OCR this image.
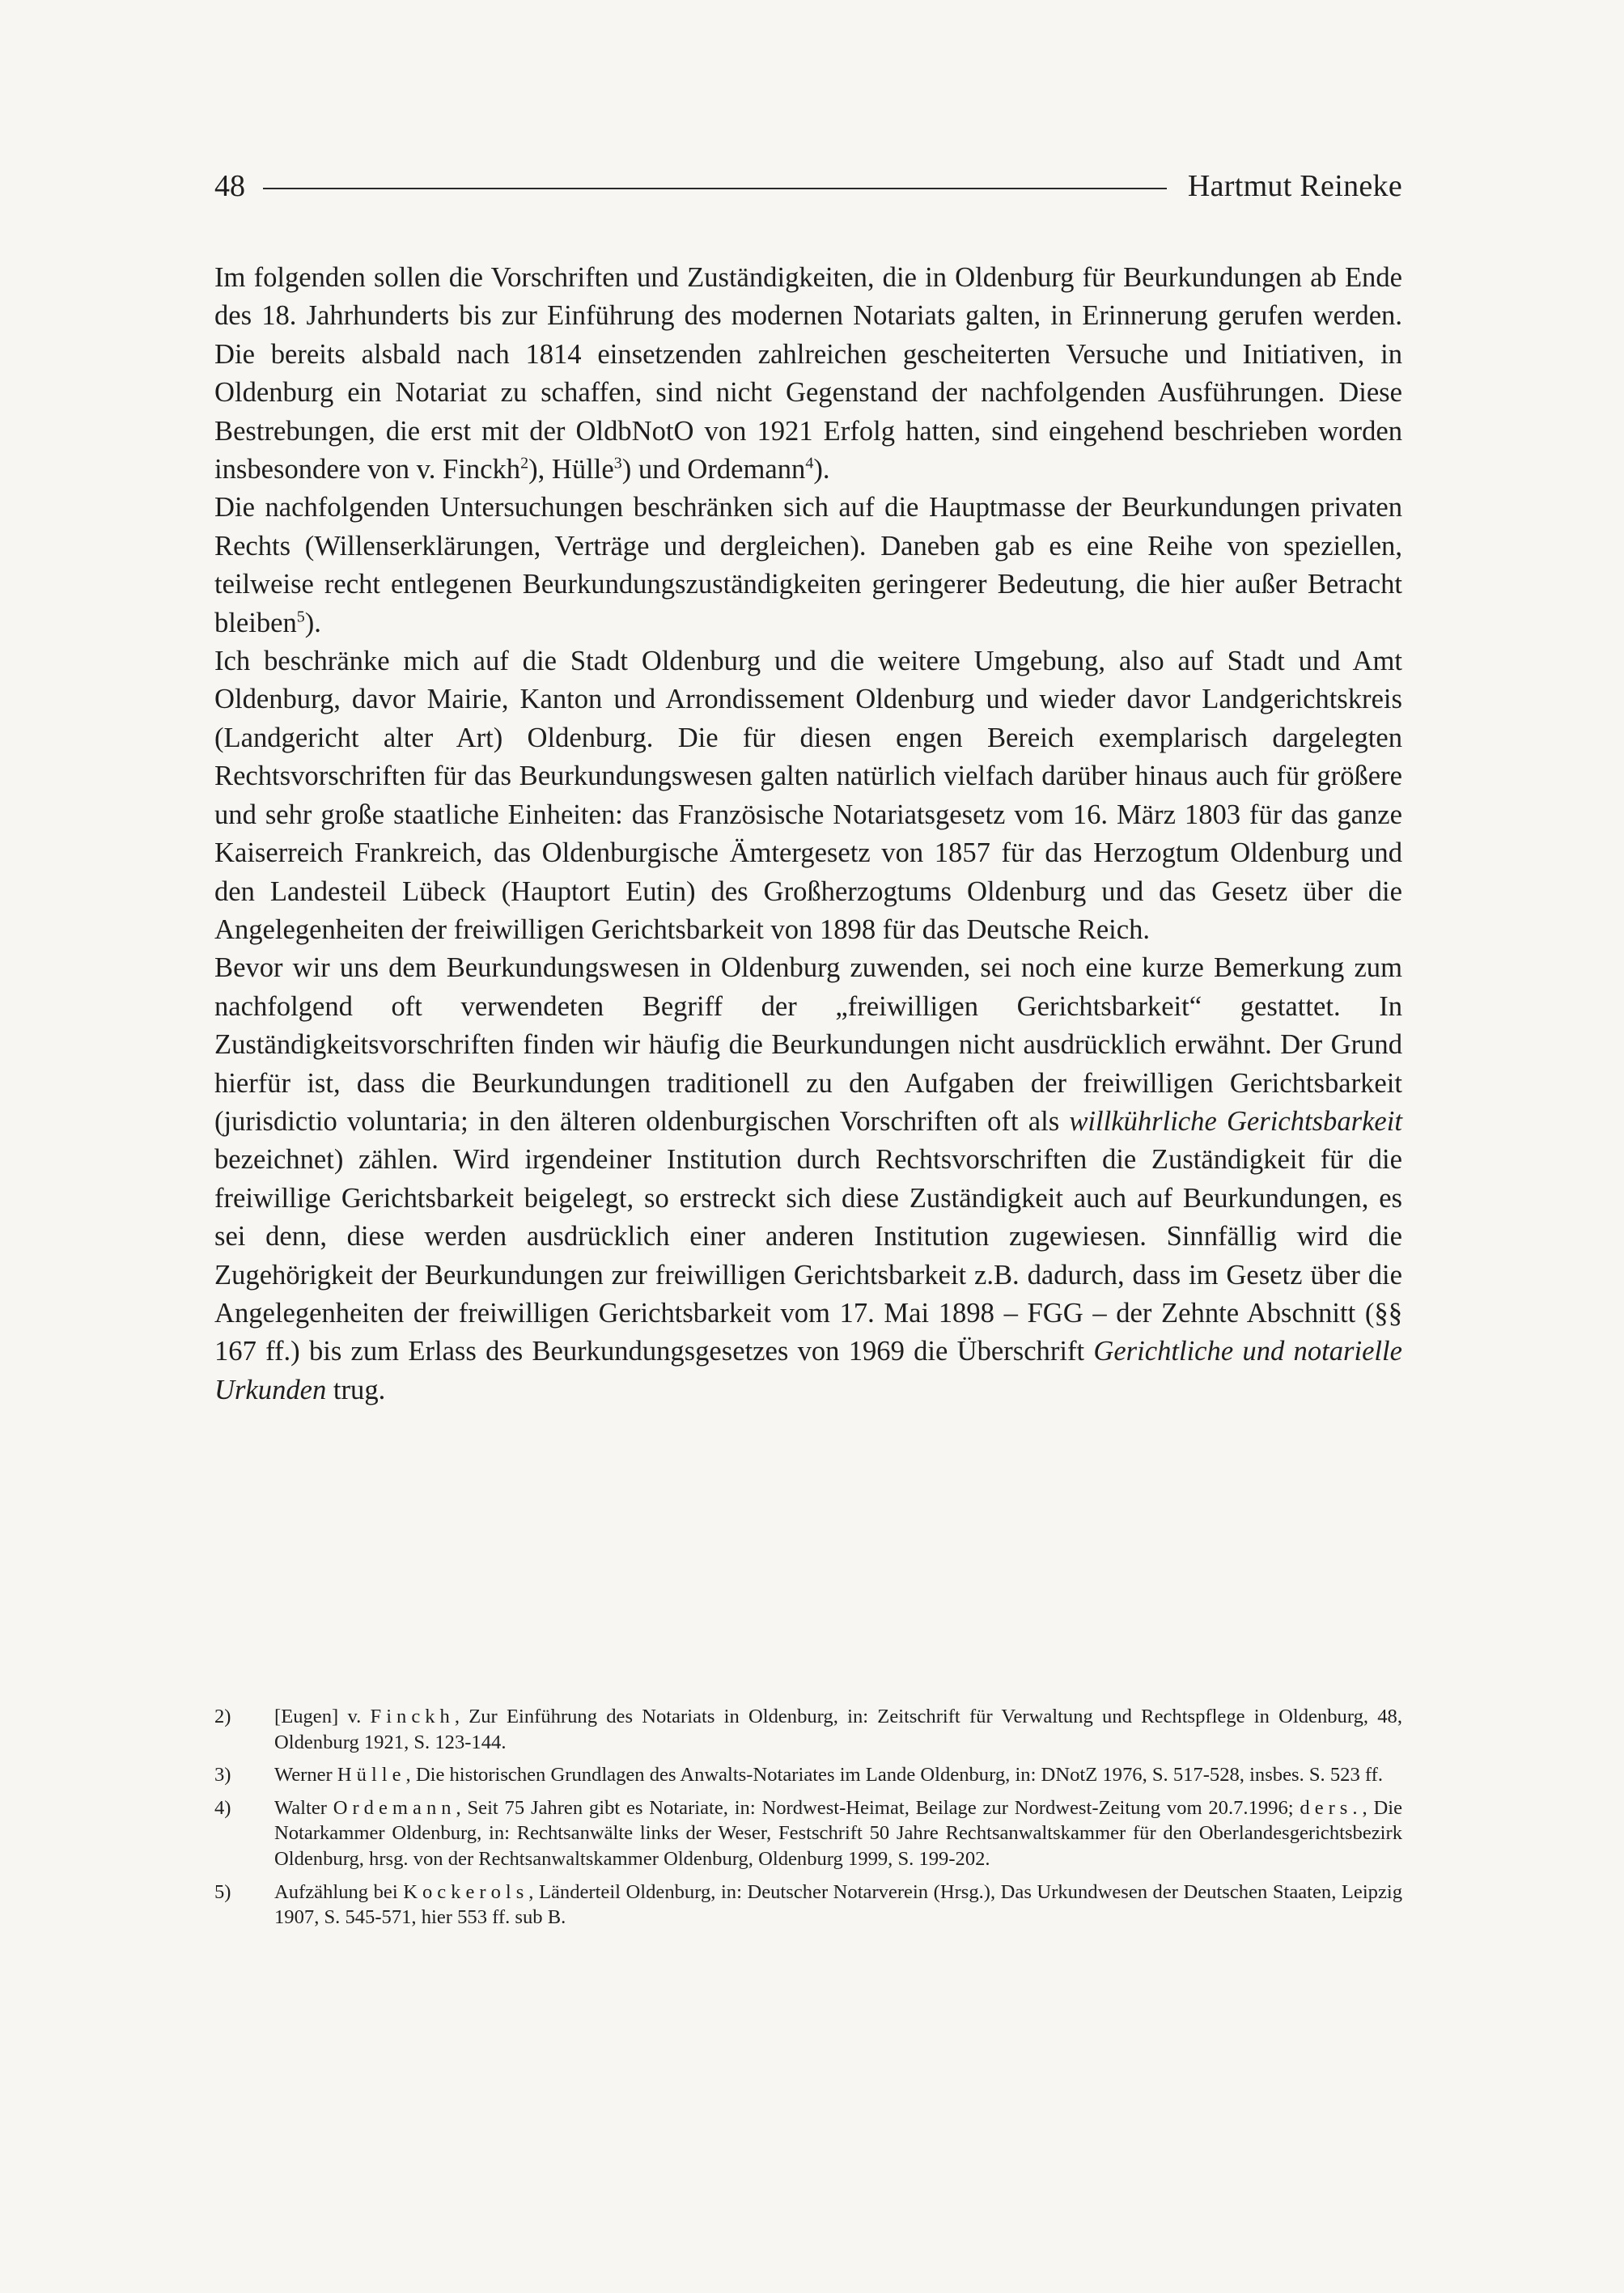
48	Hartmut Reineke

Im folgenden sollen die Vorschriften und Zuständigkeiten, die in Oldenburg für Beurkundungen ab Ende des 18. Jahrhunderts bis zur Einführung des modernen Notariats galten, in Erinnerung gerufen werden. Die bereits alsbald nach 1814 einsetzenden zahlreichen gescheiterten Versuche und Initiativen, in Oldenburg ein Notariat zu schaffen, sind nicht Gegenstand der nachfolgenden Ausführungen. Diese Bestrebungen, die erst mit der OldbNotO von 1921 Erfolg hatten, sind eingehend beschrieben worden insbesondere von v. Finckh$^2$), Hülle$^3$) und Ordemann$^4$).

Die nachfolgenden Untersuchungen beschränken sich auf die Hauptmasse der Beurkundungen privaten Rechts (Willenserklärungen, Verträge und dergleichen). Daneben gab es eine Reihe von speziellen, teilweise recht entlegenen Beurkundungszuständigkeiten geringerer Bedeutung, die hier außer Betracht bleiben$^5$).

Ich beschränke mich auf die Stadt Oldenburg und die weitere Umgebung, also auf Stadt und Amt Oldenburg, davor Mairie, Kanton und Arrondissement Oldenburg und wieder davor Landgerichtskreis (Landgericht alter Art) Oldenburg. Die für diesen engen Bereich exemplarisch dargelegten Rechtsvorschriften für das Beurkundungswesen galten natürlich vielfach darüber hinaus auch für größere und sehr große staatliche Einheiten: das Französische Notariatsgesetz vom 16. März 1803 für das ganze Kaiserreich Frankreich, das Oldenburgische Ämtergesetz von 1857 für das Herzogtum Oldenburg und den Landesteil Lübeck (Hauptort Eutin) des Großherzogtums Oldenburg und das Gesetz über die Angelegenheiten der freiwilligen Gerichtsbarkeit von 1898 für das Deutsche Reich.

Bevor wir uns dem Beurkundungswesen in Oldenburg zuwenden, sei noch eine kurze Bemerkung zum nachfolgend oft verwendeten Begriff der „freiwilligen Gerichtsbarkeit“ gestattet. In Zuständigkeitsvorschriften finden wir häufig die Beurkundungen nicht ausdrücklich erwähnt. Der Grund hierfür ist, dass die Beurkundungen traditionell zu den Aufgaben der freiwilligen Gerichtsbarkeit (jurisdictio voluntaria; in den älteren oldenburgischen Vorschriften oft als willkührliche Gerichtsbarkeit bezeichnet) zählen. Wird irgendeiner Institution durch Rechtsvorschriften die Zuständigkeit für die freiwillige Gerichtsbarkeit beigelegt, so erstreckt sich diese Zuständigkeit auch auf Beurkundungen, es sei denn, diese werden ausdrücklich einer anderen Institution zugewiesen. Sinnfällig wird die Zugehörigkeit der Beurkundungen zur freiwilligen Gerichtsbarkeit z.B. dadurch, dass im Gesetz über die Angelegenheiten der freiwilligen Gerichtsbarkeit vom 17. Mai 1898 – FGG – der Zehnte Abschnitt (§§ 167 ff.) bis zum Erlass des Beurkundungsgesetzes von 1969 die Überschrift Gerichtliche und notarielle Urkunden trug.

2)	[Eugen] v. Finckh, Zur Einführung des Notariats in Oldenburg, in: Zeitschrift für Verwaltung und Rechtspflege in Oldenburg, 48, Oldenburg 1921, S. 123-144.
3)	Werner Hülle, Die historischen Grundlagen des Anwalts-Notariates im Lande Oldenburg, in: DNotZ 1976, S. 517-528, insbes. S. 523 ff.
4)	Walter Ordemann, Seit 75 Jahren gibt es Notariate, in: Nordwest-Heimat, Beilage zur Nordwest-Zeitung vom 20.7.1996; ders., Die Notarkammer Oldenburg, in: Rechtsanwälte links der Weser, Festschrift 50 Jahre Rechtsanwaltskammer für den Oberlandesgerichtsbezirk Oldenburg, hrsg. von der Rechtsanwaltskammer Oldenburg, Oldenburg 1999, S. 199-202.
5)	Aufzählung bei Kockerols, Länderteil Oldenburg, in: Deutscher Notarverein (Hrsg.), Das Urkundwesen der Deutschen Staaten, Leipzig 1907, S. 545-571, hier 553 ff. sub B.
